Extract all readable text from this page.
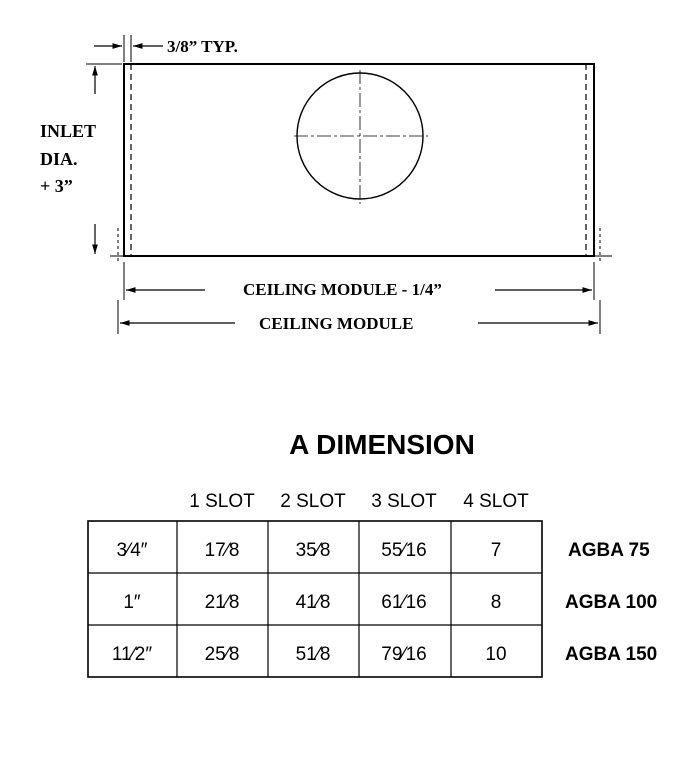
3/8” TYP.
INLET
DIA.
+ 3”
CEILING MODULE - 1/4”
CEILING MODULE
A DIMENSION
1 SLOT 2 SLOT 3 SLOT 4 SLOT
3⁄4″	17⁄8	35⁄8	55⁄16	7	AGBA 75
1″	21⁄8	41⁄8	61⁄16	8	AGBA 100
11⁄2″	25⁄8	51⁄8	79⁄16	10	AGBA 150
